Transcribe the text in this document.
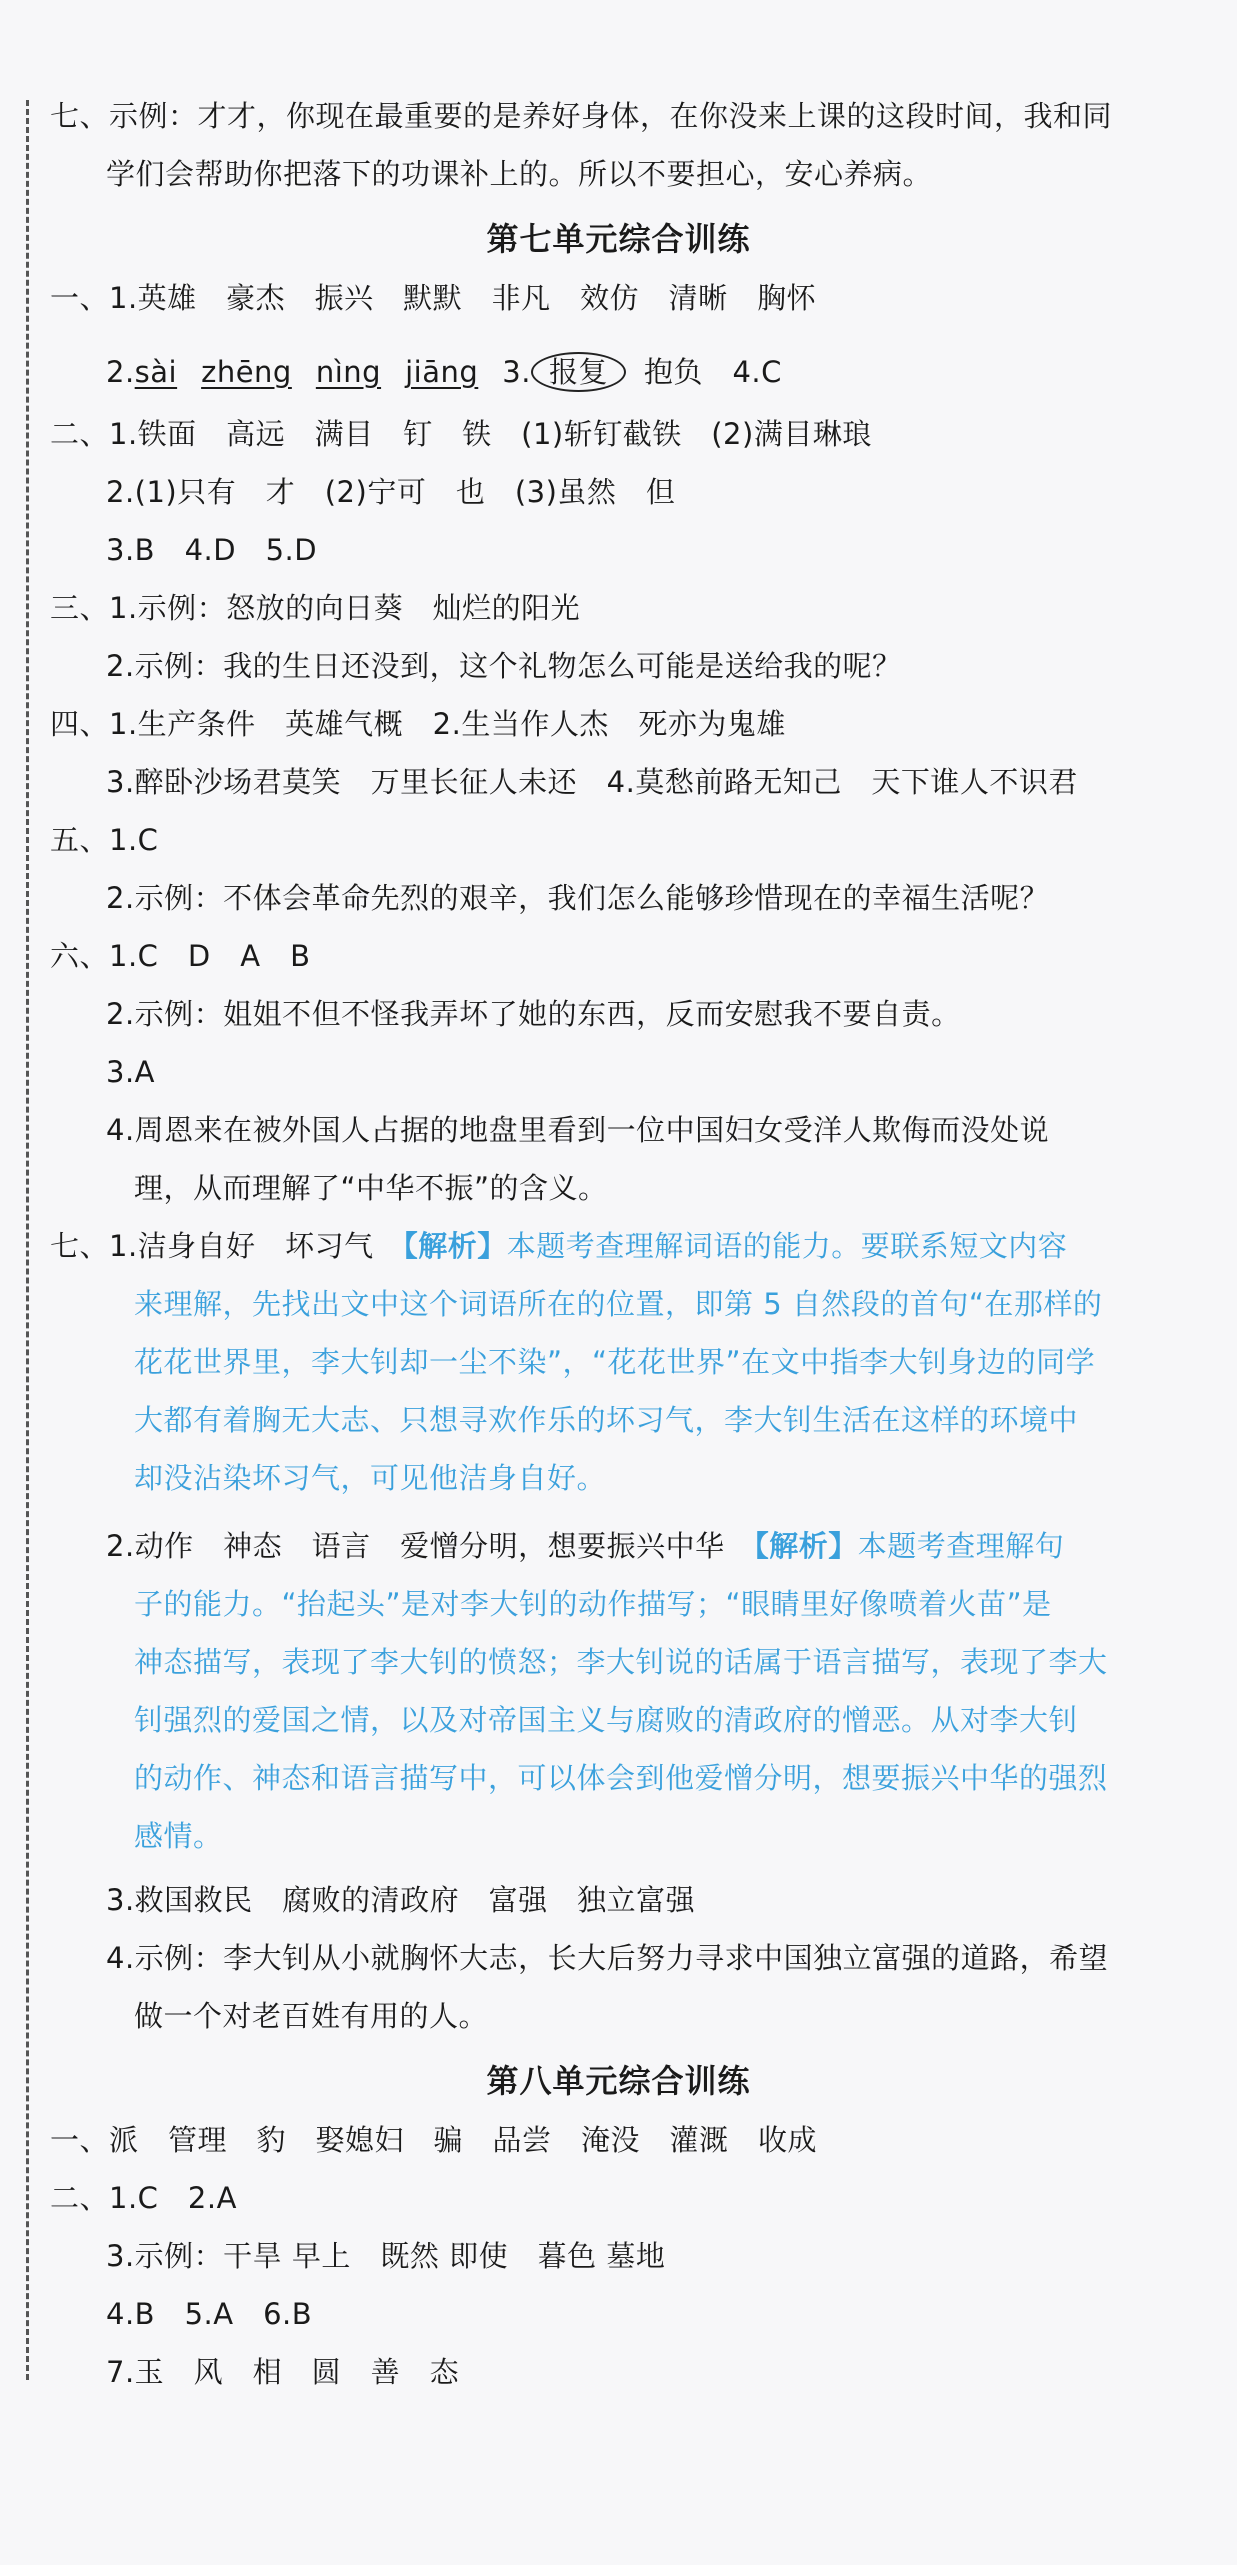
七、示例：才才，你现在最重要的是养好身体，在你没来上课的这段时间，我和同
学们会帮助你把落下的功课补上的。所以不要担心，安心养病。
第七单元综合训练
一、1.英雄　豪杰　振兴　默默　非凡　效仿　清晰　胸怀
2.sài zhēng nìng jiāng 3. 报复 抱负　4.C
二、1.铁面　高远　满目　钉　铁　(1)斩钉截铁　(2)满目琳琅
2.(1)只有　才　(2)宁可　也　(3)虽然　但
3.B　4.D　5.D
三、1.示例：怒放的向日葵　灿烂的阳光
2.示例：我的生日还没到，这个礼物怎么可能是送给我的呢？
四、1.生产条件　英雄气概　2.生当作人杰　死亦为鬼雄
3.醉卧沙场君莫笑　万里长征人未还　4.莫愁前路无知己　天下谁人不识君
五、1.C
2.示例：不体会革命先烈的艰辛，我们怎么能够珍惜现在的幸福生活呢？
六、1.C　D　A　B
2.示例：姐姐不但不怪我弄坏了她的东西，反而安慰我不要自责。
3.A
4.周恩来在被外国人占据的地盘里看到一位中国妇女受洋人欺侮而没处说
理，从而理解了“中华不振”的含义。
七、1.洁身自好　坏习气　 【解析】本题考查理解词语的能力。要联系短文内容
来理解，先找出文中这个词语所在的位置，即第 5 自然段的首句“在那样的
花花世界里，李大钊却一尘不染”，“花花世界”在文中指李大钊身边的同学
大都有着胸无大志、只想寻欢作乐的坏习气，李大钊生活在这样的环境中
却没沾染坏习气，可见他洁身自好。
2.动作　神态　语言　爱憎分明，想要振兴中华　 【解析】本题考查理解句
子的能力。“抬起头”是对李大钊的动作描写；“眼睛里好像喷着火苗”是
神态描写，表现了李大钊的愤怒；李大钊说的话属于语言描写，表现了李大
钊强烈的爱国之情，以及对帝国主义与腐败的清政府的憎恶。从对李大钊
的动作、神态和语言描写中，可以体会到他爱憎分明，想要振兴中华的强烈
感情。
3.救国救民　腐败的清政府　富强　独立富强
4.示例：李大钊从小就胸怀大志，长大后努力寻求中国独立富强的道路，希望
做一个对老百姓有用的人。
第八单元综合训练
一、派　管理　豹　娶媳妇　骗　品尝　淹没　灌溉　收成
二、1.C　2.A
3.示例：干旱 早上　既然 即使　暮色 墓地
4.B　5.A　6.B
7.玉　风　相　圆　善　态
